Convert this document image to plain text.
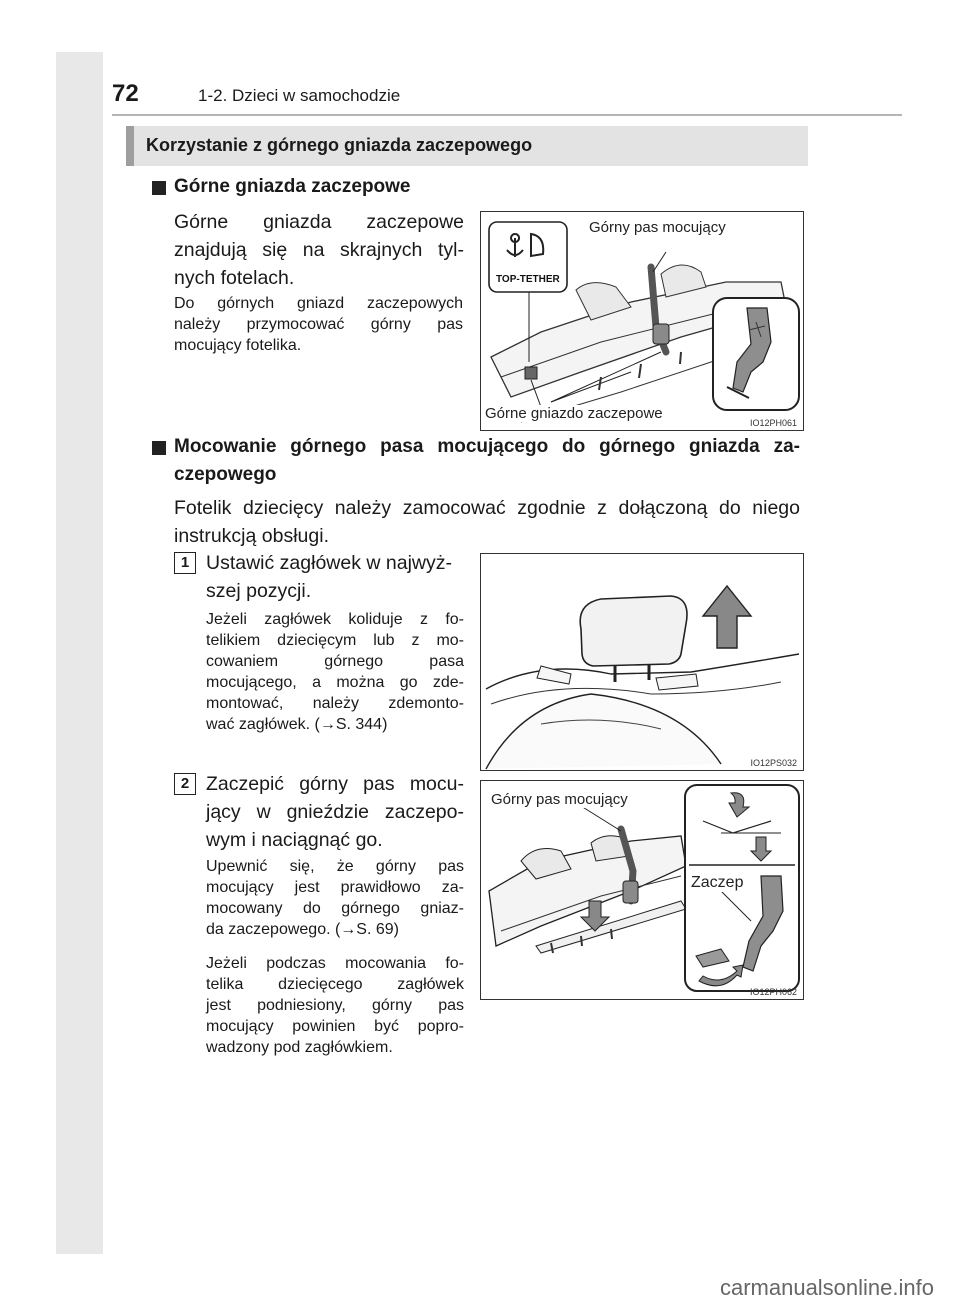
72	1-2. Dzieci w samochodzie
Korzystanie z górnego gniazda zaczepowego
Górne gniazda zaczepowe
Górne gniazda zaczepowe
znajdują się na skrajnych tyl-
nych fotelach.
Do górnych gniazd zaczepowych
należy przymocować górny pas
mocujący fotelika.
TOP-TETHER
Górny pas mocujący
Górne gniazdo zaczepowe
IO12PH061
Mocowanie górnego pasa mocującego do górnego gniazda za-
czepowego
Fotelik dziecięcy należy zamocować zgodnie z dołączoną do niego
instrukcją obsługi.
1 Ustawić zagłówek w najwyż-
szej pozycji.
Jeżeli zagłówek koliduje z fo-
telikiem dziecięcym lub z mo-
cowaniem górnego pasa
mocującego, a można go zde-
montować, należy zdemonto-
wać zagłówek. (→S. 344)
IO12PS032
2 Zaczepić górny pas mocu-
jący w gnieździe zaczepo-
wym i naciągnąć go.
Upewnić się, że górny pas
mocujący jest prawidłowo za-
mocowany do górnego gniaz-
da zaczepowego. (→S. 69)
Jeżeli podczas mocowania fo-
telika dziecięcego zagłówek
jest podniesiony, górny pas
mocujący powinien być popro-
wadzony pod zagłówkiem.
Górny pas mocujący
Zaczep
IO12PH062
carmanualsonline.info
